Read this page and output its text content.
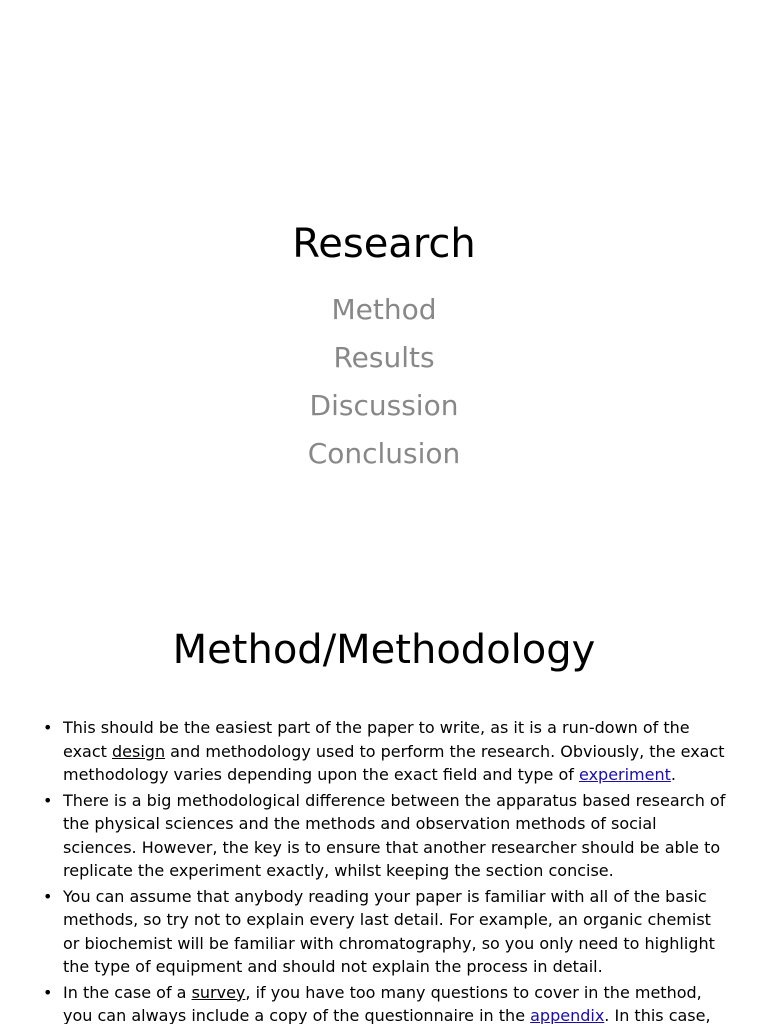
Research
Method
Results
Discussion
Conclusion
Method/Methodology
• This should be the easiest part of the paper to write, as it is a run-down of the exact design and methodology used to perform the research. Obviously, the exact methodology varies depending upon the exact field and type of experiment.
• There is a big methodological difference between the apparatus based research of the physical sciences and the methods and observation methods of social sciences. However, the key is to ensure that another researcher should be able to replicate the experiment exactly, whilst keeping the section concise.
• You can assume that anybody reading your paper is familiar with all of the basic methods, so try not to explain every last detail. For example, an organic chemist or biochemist will be familiar with chromatography, so you only need to highlight the type of equipment and should not explain the process in detail.
• In the case of a survey, if you have too many questions to cover in the method, you can always include a copy of the questionnaire in the appendix. In this case,
